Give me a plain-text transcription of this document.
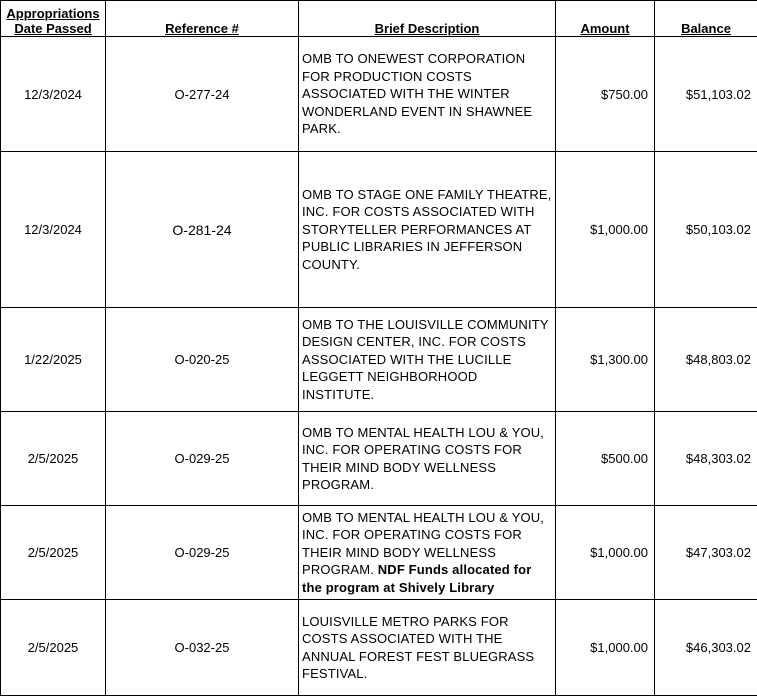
Appropriations
Date Passed	Reference #	Brief Description	Amount	Balance
12/3/2024	O-277-24	OMB TO ONEWEST CORPORATION FOR PRODUCTION COSTS ASSOCIATED WITH THE WINTER WONDERLAND EVENT IN SHAWNEE PARK.	$750.00	$51,103.02
12/3/2024	O-281-24	OMB TO STAGE ONE FAMILY THEATRE, INC. FOR COSTS ASSOCIATED WITH STORYTELLER PERFORMANCES AT PUBLIC LIBRARIES IN JEFFERSON COUNTY.	$1,000.00	$50,103.02
1/22/2025	O-020-25	OMB TO THE LOUISVILLE COMMUNITY DESIGN CENTER, INC. FOR COSTS ASSOCIATED WITH THE LUCILLE LEGGETT NEIGHBORHOOD INSTITUTE.	$1,300.00	$48,803.02
2/5/2025	O-029-25	OMB TO MENTAL HEALTH LOU & YOU, INC. FOR OPERATING COSTS FOR THEIR MIND BODY WELLNESS PROGRAM.	$500.00	$48,303.02
2/5/2025	O-029-25	OMB TO MENTAL HEALTH LOU & YOU, INC. FOR OPERATING COSTS FOR THEIR MIND BODY WELLNESS PROGRAM. NDF Funds allocated for the program at Shively Library	$1,000.00	$47,303.02
2/5/2025	O-032-25	LOUISVILLE METRO PARKS FOR COSTS ASSOCIATED WITH THE ANNUAL FOREST FEST BLUEGRASS FESTIVAL.	$1,000.00	$46,303.02
